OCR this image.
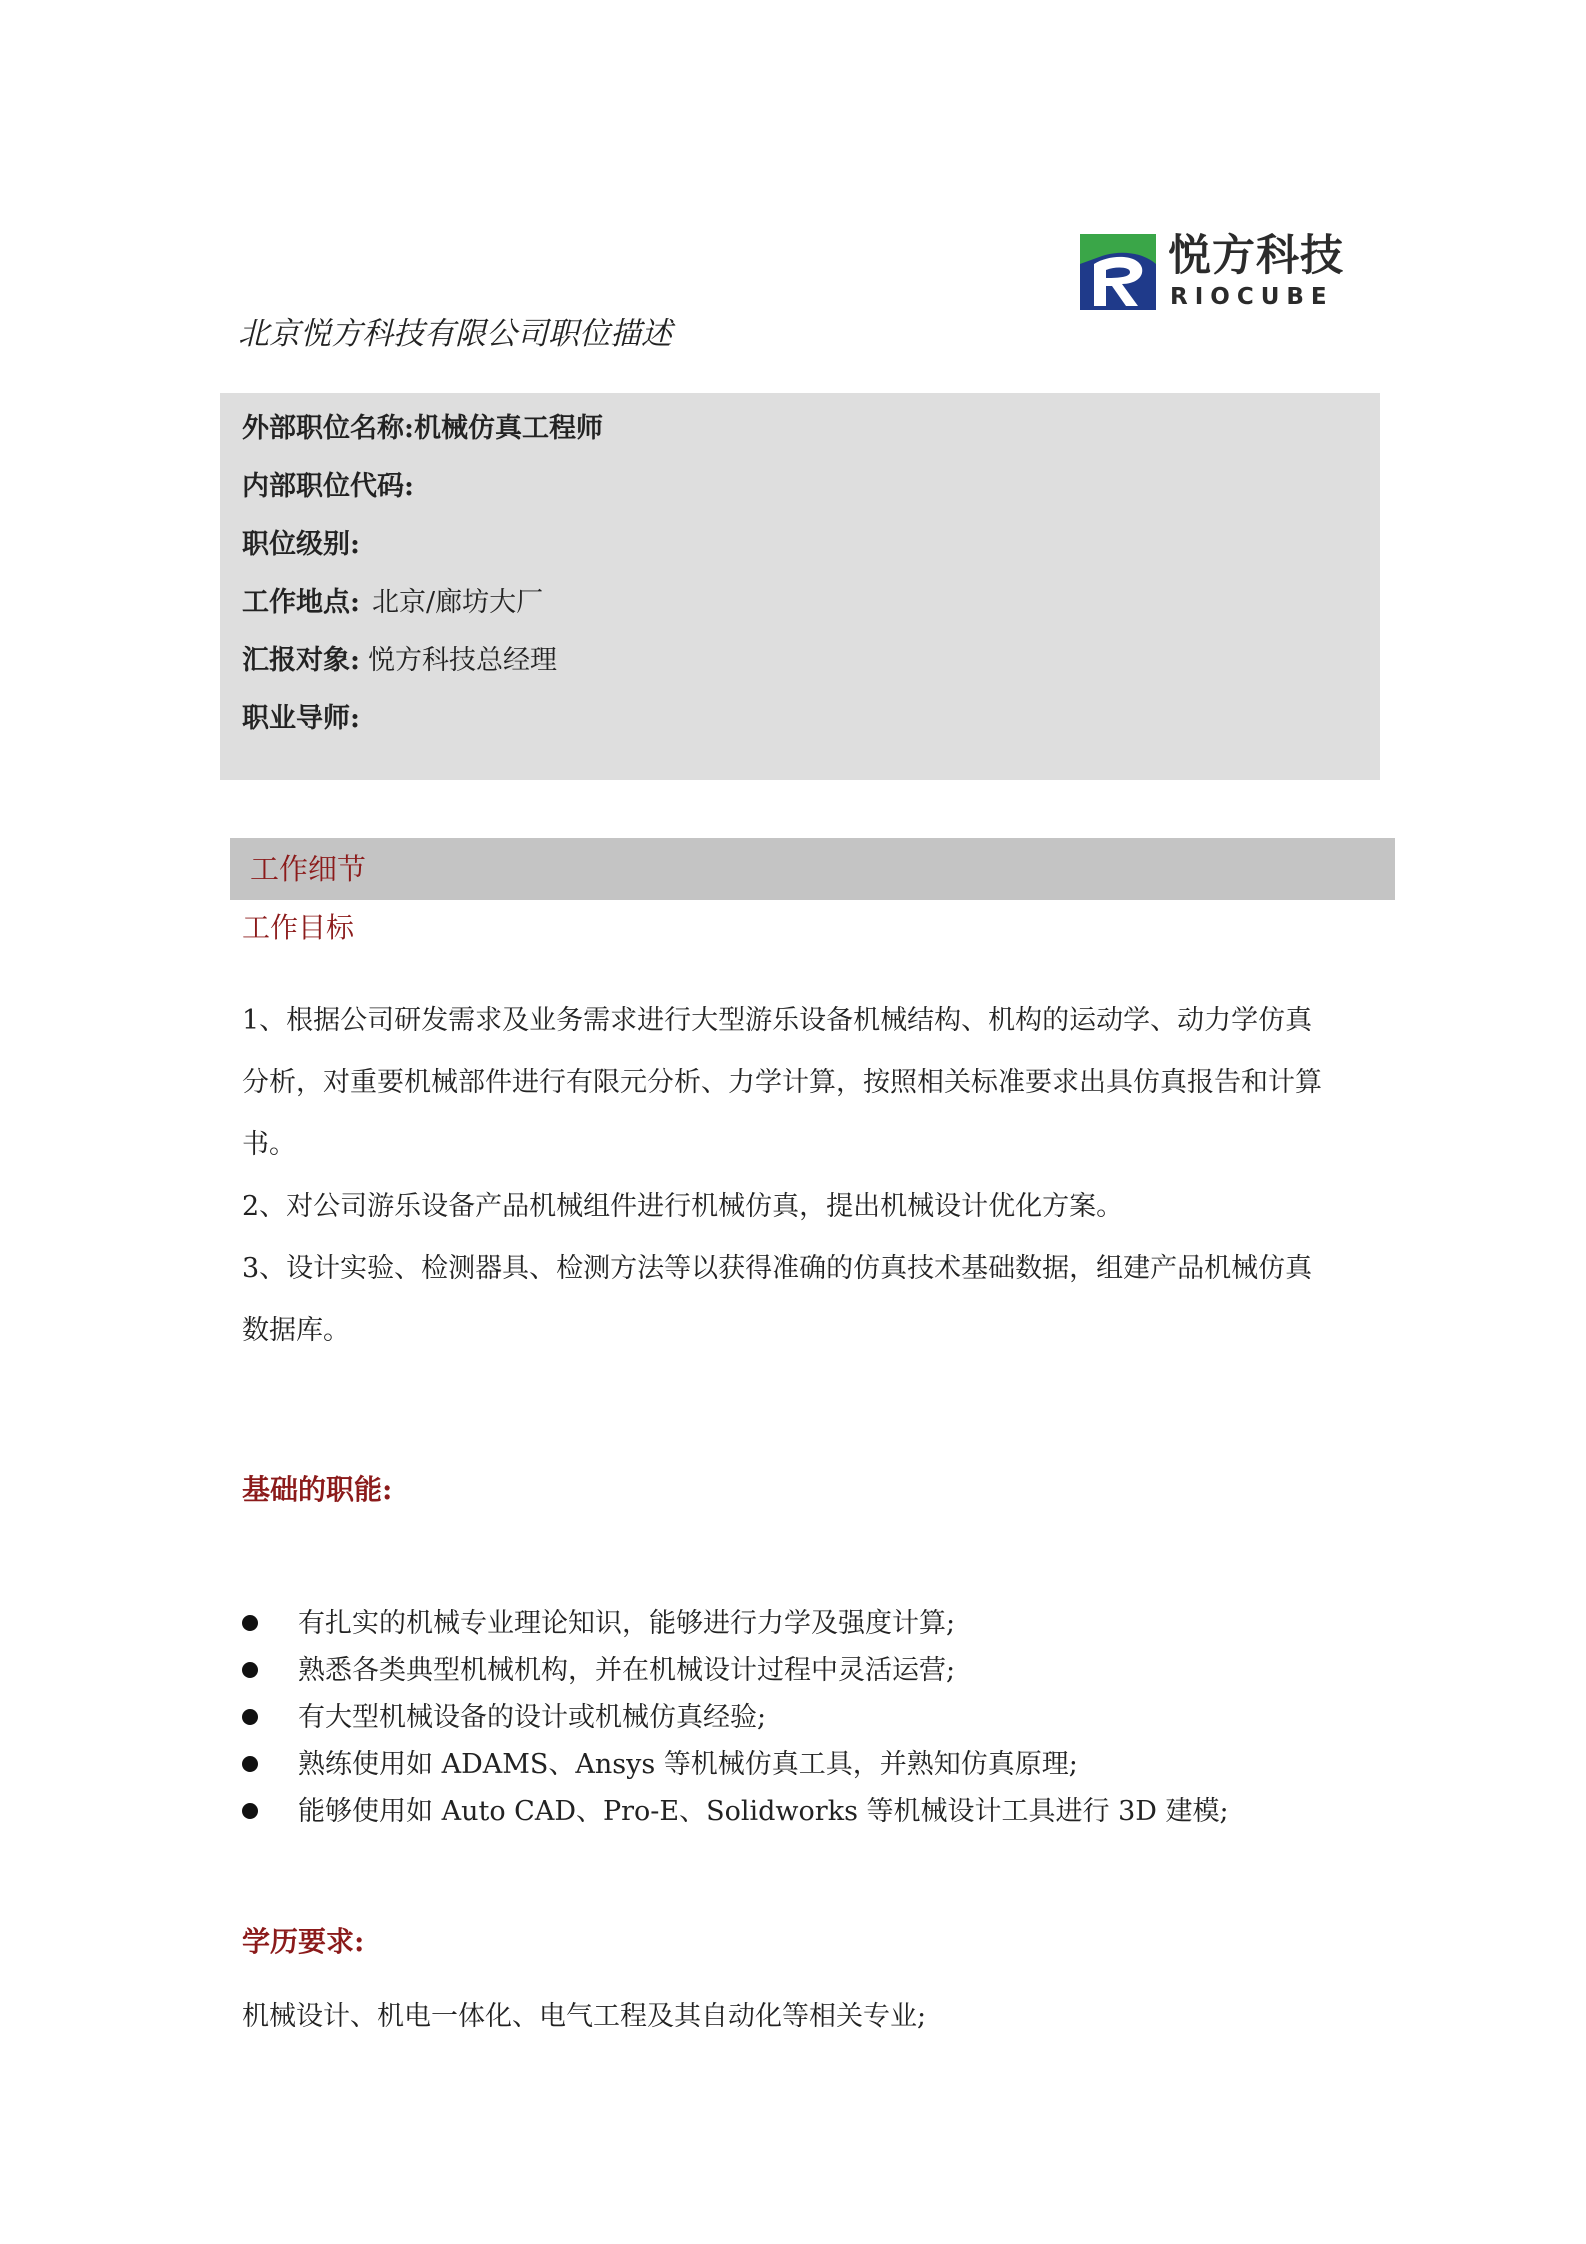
悦方科技
RIOCUBE
北京悦方科技有限公司职位描述
外部职位名称:机械仿真工程师
内部职位代码:
职位级别:
工作地点: 北京/廊坊大厂
汇报对象: 悦方科技总经理
职业导师:
工作细节
工作目标
1、根据公司研发需求及业务需求进行大型游乐设备机械结构、机构的运动学、动力学仿真
分析，对重要机械部件进行有限元分析、力学计算，按照相关标准要求出具仿真报告和计算
书。
2、对公司游乐设备产品机械组件进行机械仿真，提出机械设计优化方案。
3、设计实验、检测器具、检测方法等以获得准确的仿真技术基础数据，组建产品机械仿真
数据库。
基础的职能:
有扎实的机械专业理论知识，能够进行力学及强度计算;
熟悉各类典型机械机构，并在机械设计过程中灵活运营;
有大型机械设备的设计或机械仿真经验;
熟练使用如 ADAMS、Ansys 等机械仿真工具，并熟知仿真原理;
能够使用如 Auto CAD、Pro-E、Solidworks 等机械设计工具进行 3D 建模;
学历要求:
机械设计、机电一体化、电气工程及其自动化等相关专业;
